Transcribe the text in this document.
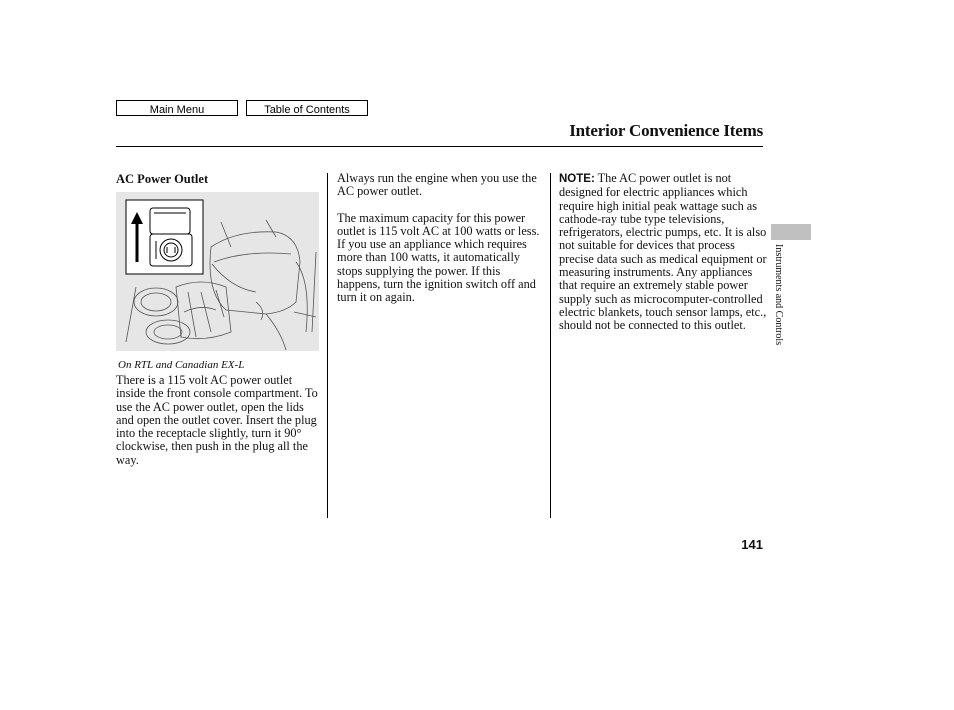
Main Menu	Table of Contents
Interior Convenience Items

AC Power Outlet

On RTL and Canadian EX-L

There is a 115 volt AC power outlet inside the front console compartment. To use the AC power outlet, open the lids and open the outlet cover. Insert the plug into the receptacle slightly, turn it 90° clockwise, then push in the plug all the way.

Always run the engine when you use the AC power outlet.

The maximum capacity for this power outlet is 115 volt AC at 100 watts or less. If you use an appliance which requires more than 100 watts, it automatically stops supplying the power. If this happens, turn the ignition switch off and turn it on again.

NOTE: The AC power outlet is not designed for electric appliances which require high initial peak wattage such as cathode-ray tube type televisions, refrigerators, electric pumps, etc. It is also not suitable for devices that process precise data such as medical equipment or measuring instruments. Any appliances that require an extremely stable power supply such as microcomputer-controlled electric blankets, touch sensor lamps, etc., should not be connected to this outlet.	Instruments and Controls
141
